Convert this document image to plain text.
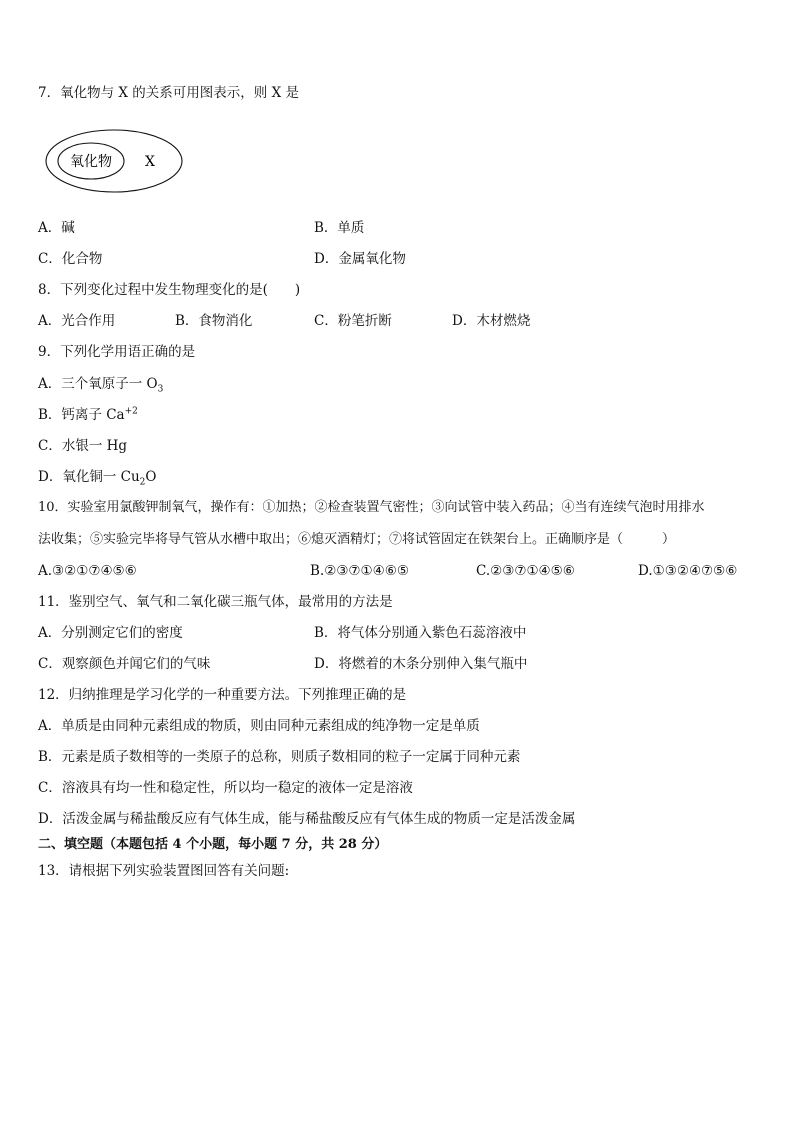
7．氧化物与 X 的关系可用图表示，则 X 是
氧化物 X
A．碱	B．单质
C．化合物	D．金属氧化物
8．下列变化过程中发生物理变化的是(　　)
A．光合作用	B．食物消化	C．粉笔折断	D．木材燃烧
9．下列化学用语正确的是
A．三个氧原子一 $O_3$
B．钙离子 $Ca^{+2}$
C．水银一 Hg
D．氧化铜一 $Cu_2O$
10．实验室用氯酸钾制氧气，操作有：①加热；②检查装置气密性；③向试管中装入药品；④当有连续气泡时用排水
法收集；⑤实验完毕将导气管从水槽中取出；⑥熄灭酒精灯；⑦将试管固定在铁架台上。正确顺序是（　　　）
A.③②①⑦④⑤⑥	B.②③⑦①④⑥⑤	C.②③⑦①④⑤⑥	D.①③②④⑦⑤⑥
11．鉴别空气、氧气和二氧化碳三瓶气体，最常用的方法是
A．分别测定它们的密度	B．将气体分别通入紫色石蕊溶液中
C．观察颜色并闻它们的气味	D．将燃着的木条分别伸入集气瓶中
12．归纳推理是学习化学的一种重要方法。下列推理正确的是
A．单质是由同种元素组成的物质，则由同种元素组成的纯净物一定是单质
B．元素是质子数相等的一类原子的总称，则质子数相同的粒子一定属于同种元素
C．溶液具有均一性和稳定性，所以均一稳定的液体一定是溶液
D．活泼金属与稀盐酸反应有气体生成，能与稀盐酸反应有气体生成的物质一定是活泼金属
二、填空题（本题包括 4 个小题，每小题 7 分，共 28 分）
13．请根据下列实验装置图回答有关问题:
